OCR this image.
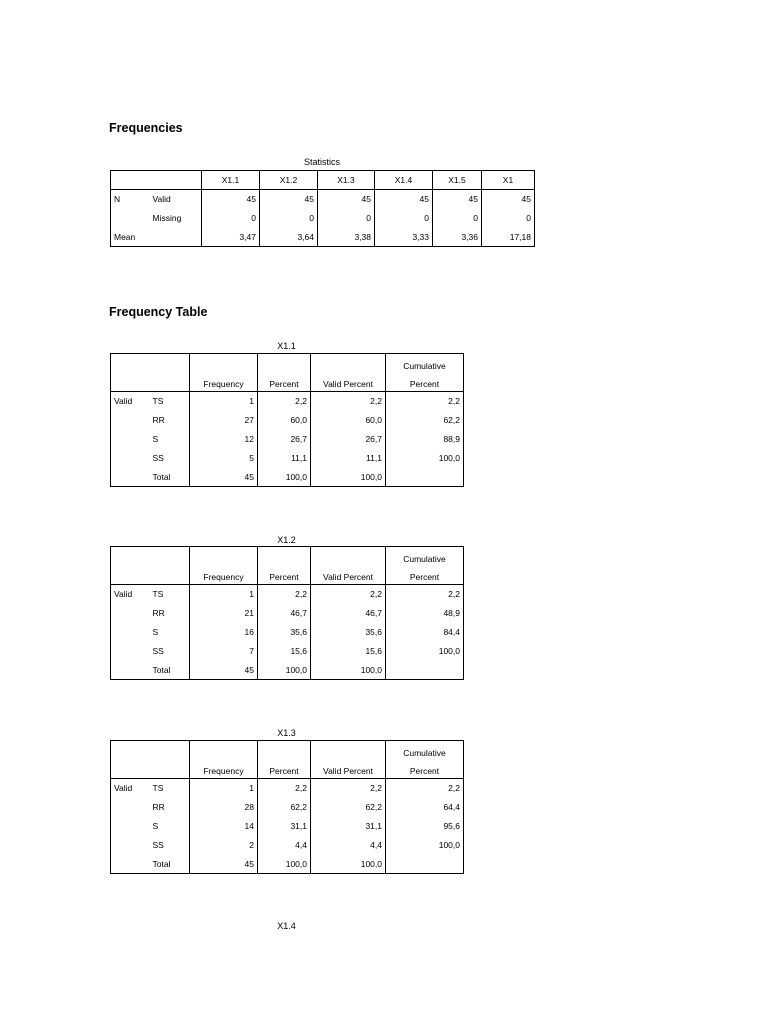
Frequencies
Statistics
		X1.1	X1.2	X1.3	X1.4	X1.5	X1
N	Valid	45	45	45	45	45	45
	Missing	0	0	0	0	0	0
Mean		3,47	3,64	3,38	3,33	3,36	17,18
Frequency Table
X1.1
					Cumulative
		Frequency	Percent	Valid Percent	Percent
Valid	TS	1	2,2	2,2	2,2
	RR	27	60,0	60,0	62,2
	S	12	26,7	26,7	88,9
	SS	5	11,1	11,1	100,0
	Total	45	100,0	100,0	
X1.2
					Cumulative
		Frequency	Percent	Valid Percent	Percent
Valid	TS	1	2,2	2,2	2,2
	RR	21	46,7	46,7	48,9
	S	16	35,6	35,6	84,4
	SS	7	15,6	15,6	100,0
	Total	45	100,0	100,0	
X1.3
					Cumulative
		Frequency	Percent	Valid Percent	Percent
Valid	TS	1	2,2	2,2	2,2
	RR	28	62,2	62,2	64,4
	S	14	31,1	31,1	95,6
	SS	2	4,4	4,4	100,0
	Total	45	100,0	100,0	
X1.4
